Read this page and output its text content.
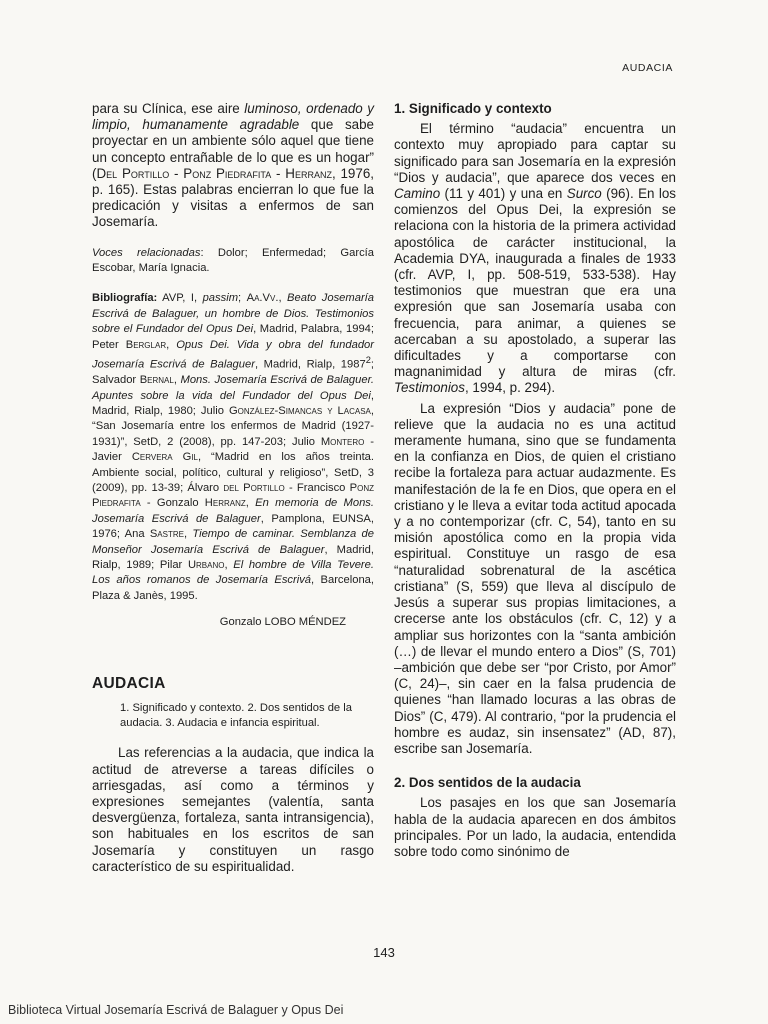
AUDACIA

para su Clínica, ese aire luminoso, ordenado y limpio, humanamente agradable que sabe proyectar en un ambiente sólo aquel que tiene un concepto entrañable de lo que es un hogar” (Del Portillo - Ponz Piedrafita - Herranz, 1976, p. 165). Estas palabras encierran lo que fue la predicación y visitas a enfermos de san Josemaría.

Voces relacionadas: Dolor; Enfermedad; García Escobar, María Ignacia.

Bibliografía: AVP, I, passim; Aa.Vv., Beato Josemaría Escrivá de Balaguer, un hombre de Dios. Testimonios sobre el Fundador del Opus Dei, Madrid, Palabra, 1994; Peter Berglar, Opus Dei. Vida y obra del fundador Josemaría Escrivá de Balaguer, Madrid, Rialp, 1987$^2$; Salvador Bernal, Mons. Josemaría Escrivá de Balaguer. Apuntes sobre la vida del Fundador del Opus Dei, Madrid, Rialp, 1980; Julio González-Simancas y Lacasa, “San Josemaría entre los enfermos de Madrid (1927-1931)”, SetD, 2 (2008), pp. 147-203; Julio Montero - Javier Cervera Gil, “Madrid en los años treinta. Ambiente social, político, cultural y religioso”, SetD, 3 (2009), pp. 13-39; Álvaro del Portillo - Francisco Ponz Piedrafita - Gonzalo Herranz, En memoria de Mons. Josemaría Escrivá de Balaguer, Pamplona, EUNSA, 1976; Ana Sastre, Tiempo de caminar. Semblanza de Monseñor Josemaría Escrivá de Balaguer, Madrid, Rialp, 1989; Pilar Urbano, El hombre de Villa Tevere. Los años romanos de Josemaría Escrivá, Barcelona, Plaza & Janès, 1995.

Gonzalo LOBO MÉNDEZ

AUDACIA

1. Significado y contexto. 2. Dos sentidos de la audacia. 3. Audacia e infancia espiritual.

Las referencias a la audacia, que indica la actitud de atreverse a tareas difíciles o arriesgadas, así como a términos y expresiones semejantes (valentía, santa desvergüenza, fortaleza, santa intransigencia), son habituales en los escritos de san Josemaría y constituyen un rasgo característico de su espiritualidad.

1. Significado y contexto

El término “audacia” encuentra un contexto muy apropiado para captar su significado para san Josemaría en la expresión “Dios y audacia”, que aparece dos veces en Camino (11 y 401) y una en Surco (96). En los comienzos del Opus Dei, la expresión se relaciona con la historia de la primera actividad apostólica de carácter institucional, la Academia DYA, inaugurada a finales de 1933 (cfr. AVP, I, pp. 508-519, 533-538). Hay testimonios que muestran que era una expresión que san Josemaría usaba con frecuencia, para animar, a quienes se acercaban a su apostolado, a superar las dificultades y a comportarse con magnanimidad y altura de miras (cfr. Testimonios, 1994, p. 294).

La expresión “Dios y audacia” pone de relieve que la audacia no es una actitud meramente humana, sino que se fundamenta en la confianza en Dios, de quien el cristiano recibe la fortaleza para actuar audazmente. Es manifestación de la fe en Dios, que opera en el cristiano y le lleva a evitar toda actitud apocada y a no contemporizar (cfr. C, 54), tanto en su misión apostólica como en la propia vida espiritual. Constituye un rasgo de esa “naturalidad sobrenatural de la ascética cristiana” (S, 559) que lleva al discípulo de Jesús a superar sus propias limitaciones, a crecerse ante los obstáculos (cfr. C, 12) y a ampliar sus horizontes con la “santa ambición (…) de llevar el mundo entero a Dios” (S, 701) –ambición que debe ser “por Cristo, por Amor” (C, 24)–, sin caer en la falsa prudencia de quienes “han llamado locuras a las obras de Dios” (C, 479). Al contrario, “por la prudencia el hombre es audaz, sin insensatez” (AD, 87), escribe san Josemaría.

2. Dos sentidos de la audacia

Los pasajes en los que san Josemaría habla de la audacia aparecen en dos ámbitos principales. Por un lado, la audacia, entendida sobre todo como sinónimo de

143
Biblioteca Virtual Josemaría Escrivá de Balaguer y Opus Dei
